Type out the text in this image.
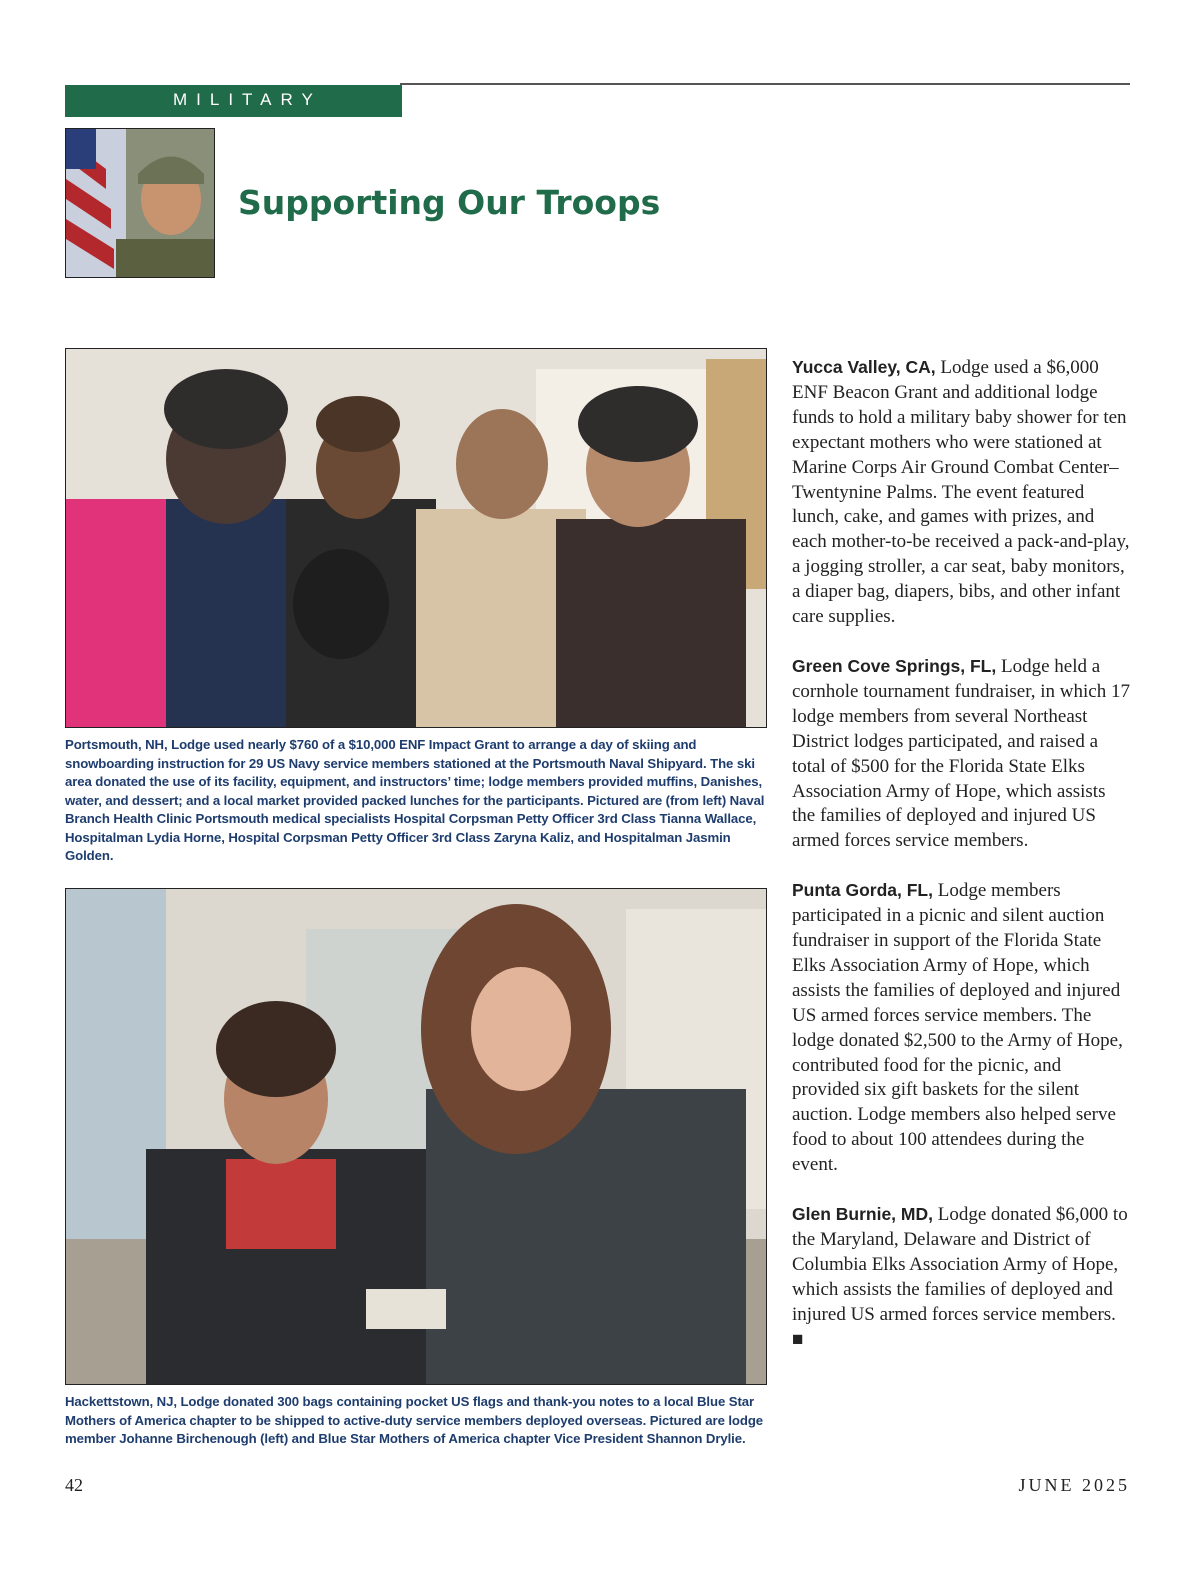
MILITARY
Supporting Our Troops

Portsmouth, NH, Lodge used nearly $760 of a $10,000 ENF Impact Grant to arrange a day of skiing and snowboarding instruction for 29 US Navy service members stationed at the Portsmouth Naval Shipyard. The ski area donated the use of its facility, equipment, and instructors’ time; lodge members provided muffins, Danishes, water, and dessert; and a local market provided packed lunches for the participants. Pictured are (from left) Naval Branch Health Clinic Portsmouth medical specialists Hospital Corpsman Petty Officer 3rd Class Tianna Wallace, Hospitalman Lydia Horne, Hospital Corpsman Petty Officer 3rd Class Zaryna Kaliz, and Hospitalman Jasmin Golden.

Hackettstown, NJ, Lodge donated 300 bags containing pocket US flags and thank-you notes to a local Blue Star Mothers of America chapter to be shipped to active-duty service members deployed overseas. Pictured are lodge member Johanne Birchenough (left) and Blue Star Mothers of America chapter Vice President Shannon Drylie.

Yucca Valley, CA, Lodge used a $6,000 ENF Beacon Grant and additional lodge funds to hold a military baby shower for ten expectant mothers who were stationed at Marine Corps Air Ground Combat Center–Twentynine Palms. The event featured lunch, cake, and games with prizes, and each mother-to-be received a pack-and-play, a jogging stroller, a car seat, baby monitors, a diaper bag, diapers, bibs, and other infant care supplies.

Green Cove Springs, FL, Lodge held a cornhole tournament fundraiser, in which 17 lodge members from several Northeast District lodges participated, and raised a total of $500 for the Florida State Elks Association Army of Hope, which assists the families of deployed and injured US armed forces service members.

Punta Gorda, FL, Lodge members participated in a picnic and silent auction fundraiser in support of the Florida State Elks Association Army of Hope, which assists the families of deployed and injured US armed forces service members. The lodge donated $2,500 to the Army of Hope, contributed food for the picnic, and provided six gift baskets for the silent auction. Lodge members also helped serve food to about 100 attendees during the event.

Glen Burnie, MD, Lodge donated $6,000 to the Maryland, Delaware and District of Columbia Elks Association Army of Hope, which assists the families of deployed and injured US armed forces service members. ■

42	JUNE 2025
